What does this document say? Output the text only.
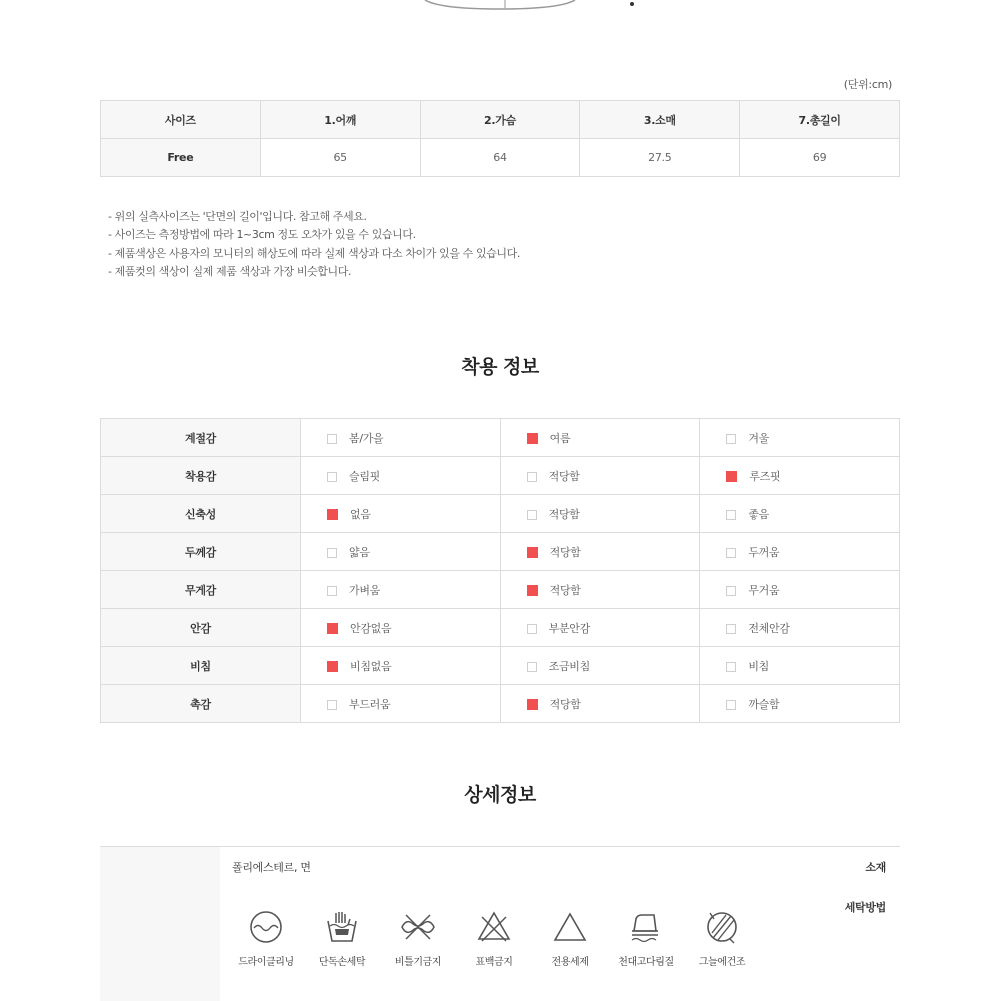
(단위:cm)
사이즈	1.어깨	2.가슴	3.소매	7.총길이
Free	65	64	27.5	69
- 위의 실측사이즈는 '단면의 길이'입니다. 참고해 주세요.
- 사이즈는 측정방법에 따라 1~3cm 정도 오차가 있을 수 있습니다.
- 제품색상은 사용자의 모니터의 해상도에 따라 실제 색상과 다소 차이가 있을 수 있습니다.
- 제품컷의 색상이 실제 제품 색상과 가장 비슷합니다.
착용 정보
계절감	봄/가을	여름	겨울
착용감	슬림핏	적당함	루즈핏
신축성	없음	적당함	좋음
두께감	얇음	적당함	두꺼움
무게감	가벼움	적당함	무거움
안감	안감없음	부분안감	전체안감
비침	비침없음	조금비침	비침
촉감	부드러움	적당함	까슬함
상세정보
소재
폴리에스테르, 면
세탁방법
드라이클리닝	단독손세탁	비틀기금지	표백금지	전용세제	천대고다림질	그늘에건조
